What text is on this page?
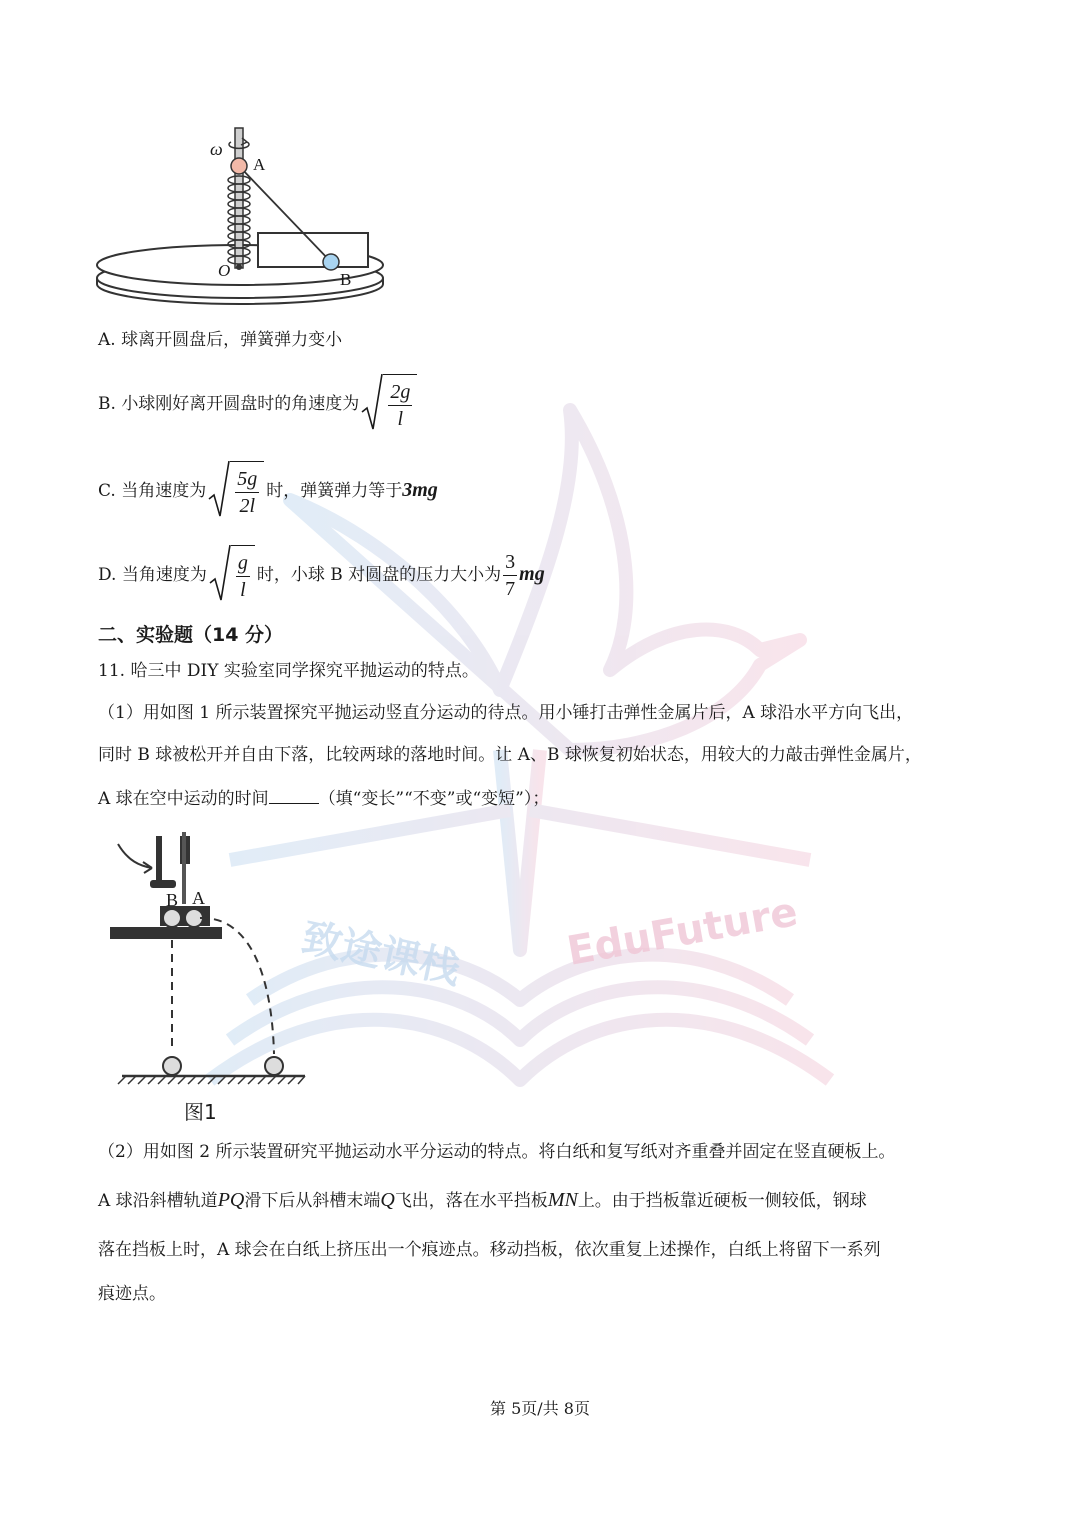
致途课栈 EduFuture
ω
A
O	B
A. 球离开圆盘后，弹簧弹力变小
B. 小球刚好离开圆盘时的角速度为 $\frac{2g}{l}$
C. 当角速度为 $\frac{5g}{2l}$ 时，弹簧弹力等于3mg
D. 当角速度为 $\frac{g}{l}$ 时，小球 B 对圆盘的压力大小为 $\frac{3}{7}$ mg
二、实验题（14 分）
11. 哈三中 DIY 实验室同学探究平抛运动的特点。
（1）用如图 1 所示装置探究平抛运动竖直分运动的待点。用小锤打击弹性金属片后，A 球沿水平方向飞出，
同时 B 球被松开并自由下落，比较两球的落地时间。让 A、B 球恢复初始状态，用较大的力敲击弹性金属片，
A 球在空中运动的时间	（填“变长”“不变”或“变短”）；
B A
图1
（2）用如图 2 所示装置研究平抛运动水平分运动的特点。将白纸和复写纸对齐重叠并固定在竖直硬板上。
A 球沿斜槽轨道PQ滑下后从斜槽末端Q飞出，落在水平挡板MN上。由于挡板靠近硬板一侧较低，钢球
落在挡板上时，A 球会在白纸上挤压出一个痕迹点。移动挡板，依次重复上述操作，白纸上将留下一系列
痕迹点。
第 5页/共 8页
